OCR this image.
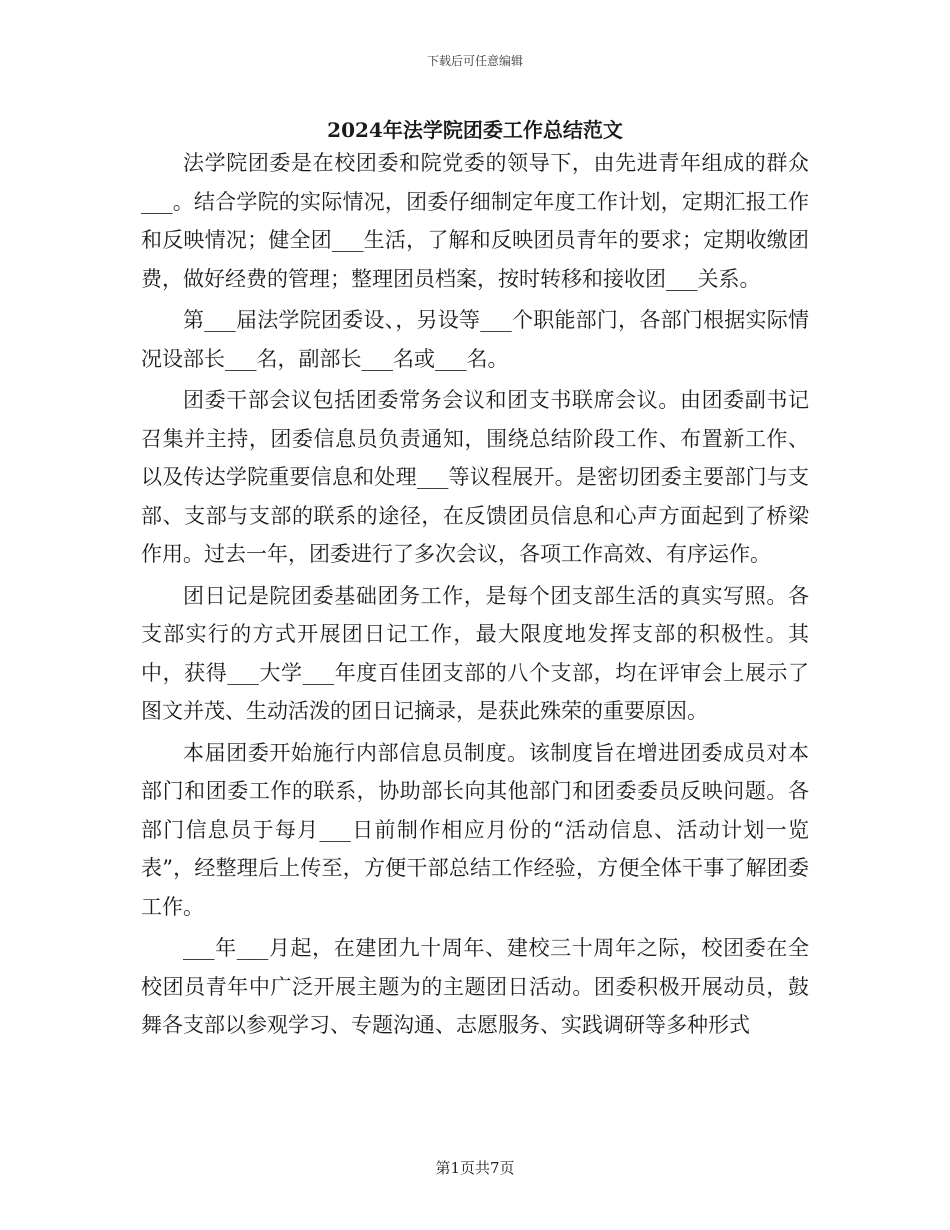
下载后可任意编辑
2024年法学院团委工作总结范文

法学院团委是在校团委和院党委的领导下，由先进青年组成的群众___。结合学院的实际情况，团委仔细制定年度工作计划，定期汇报工作和反映情况；健全团___生活，了解和反映团员青年的要求；定期收缴团费，做好经费的管理；整理团员档案，按时转移和接收团___关系。

第___届法学院团委设、，另设等___个职能部门，各部门根据实际情况设部长___名，副部长___名或___名。

团委干部会议包括团委常务会议和团支书联席会议。由团委副书记召集并主持，团委信息员负责通知，围绕总结阶段工作、布置新工作、以及传达学院重要信息和处理___等议程展开。是密切团委主要部门与支部、支部与支部的联系的途径，在反馈团员信息和心声方面起到了桥梁作用。过去一年，团委进行了多次会议，各项工作高效、有序运作。

团日记是院团委基础团务工作，是每个团支部生活的真实写照。各支部实行的方式开展团日记工作，最大限度地发挥支部的积极性。其中，获得___大学___年度百佳团支部的八个支部，均在评审会上展示了图文并茂、生动活泼的团日记摘录，是获此殊荣的重要原因。

本届团委开始施行内部信息员制度。该制度旨在增进团委成员对本部门和团委工作的联系，协助部长向其他部门和团委委员反映问题。各部门信息员于每月___日前制作相应月份的“活动信息、活动计划一览表”，经整理后上传至，方便干部总结工作经验，方便全体干事了解团委工作。

___年___月起，在建团九十周年、建校三十周年之际，校团委在全校团员青年中广泛开展主题为的主题团日活动。团委积极开展动员，鼓舞各支部以参观学习、专题沟通、志愿服务、实践调研等多种形式

第1页共7页
